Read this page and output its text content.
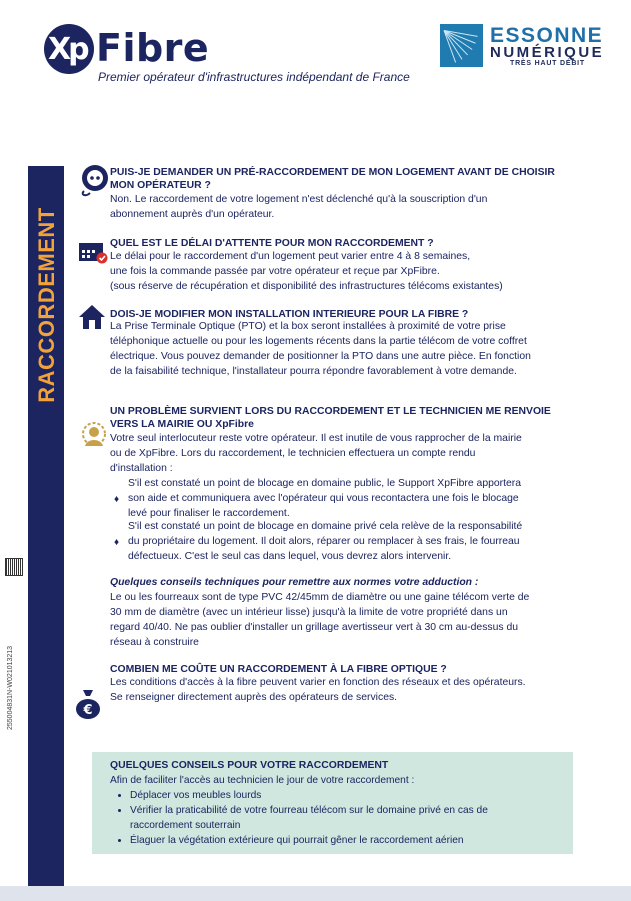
Xp Fibre
Premier opérateur d'infrastructures indépendant de France
ESSONNE
NUMÉRIQUE
TRÈS HAUT DÉBIT
RACCORDEMENT
255004831N-W021013213	€
PUIS-JE DEMANDER UN PRÉ-RACCORDEMENT DE MON LOGEMENT AVANT DE CHOISIR
MON OPÉRATEUR ?
Non. Le raccordement de votre logement n'est déclenché qu'à la souscription d'un
abonnement auprès d'un opérateur.
QUEL EST LE DÉLAI D'ATTENTE POUR MON RACCORDEMENT ?
Le délai pour le raccordement d'un logement peut varier entre 4 à 8 semaines,
une fois la commande passée par votre opérateur et reçue par XpFibre.
(sous réserve de récupération et disponibilité des infrastructures télécoms existantes)
DOIS-JE MODIFIER MON INSTALLATION INTERIEURE POUR LA FIBRE ?
La Prise Terminale Optique (PTO) et la box seront installées à proximité de votre prise
téléphonique actuelle ou pour les logements récents dans la partie télécom de votre coffret
électrique. Vous pouvez demander de positionner la PTO dans une autre pièce. En fonction
de la faisabilité technique, l'installateur pourra répondre favorablement à votre demande.
UN PROBLÈME SURVIENT LORS DU RACCORDEMENT ET LE TECHNICIEN ME RENVOIE
VERS LA MAIRIE OU XpFibre
Votre seul interlocuteur reste votre opérateur. Il est inutile de vous rapprocher de la mairie
ou de XpFibre. Lors du raccordement, le technicien effectuera un compte rendu
d'installation :
♦
S'il est constaté un point de blocage en domaine public, le Support XpFibre apportera
son aide et communiquera avec l'opérateur qui vous recontactera une fois le blocage
levé pour finaliser le raccordement.
♦
S'il est constaté un point de blocage en domaine privé cela relève de la responsabilité
du propriétaire du logement. Il doit alors, réparer ou remplacer à ses frais, le fourreau
défectueux. C'est le seul cas dans lequel, vous devrez alors intervenir.
Quelques conseils techniques pour remettre aux normes votre adduction :
Le ou les fourreaux sont de type PVC 42/45mm de diamètre ou une gaine télécom verte de
30 mm de diamètre (avec un intérieur lisse) jusqu'à la limite de votre propriété dans un
regard 40/40. Ne pas oublier d'installer un grillage avertisseur vert à 30 cm au-dessus du
réseau à construire
COMBIEN ME COÛTE UN RACCORDEMENT À LA FIBRE OPTIQUE ?
Les conditions d'accès à la fibre peuvent varier en fonction des réseaux et des opérateurs.
Se renseigner directement auprès des opérateurs de services.
QUELQUES CONSEILS POUR VOTRE RACCORDEMENT
Afin de faciliter l'accès au technicien le jour de votre raccordement :
• Déplacer vos meubles lourds
• Vérifier la praticabilité de votre fourreau télécom sur le domaine privé en cas de raccordement souterrain
• Élaguer la végétation extérieure qui pourrait gêner le raccordement aérien
